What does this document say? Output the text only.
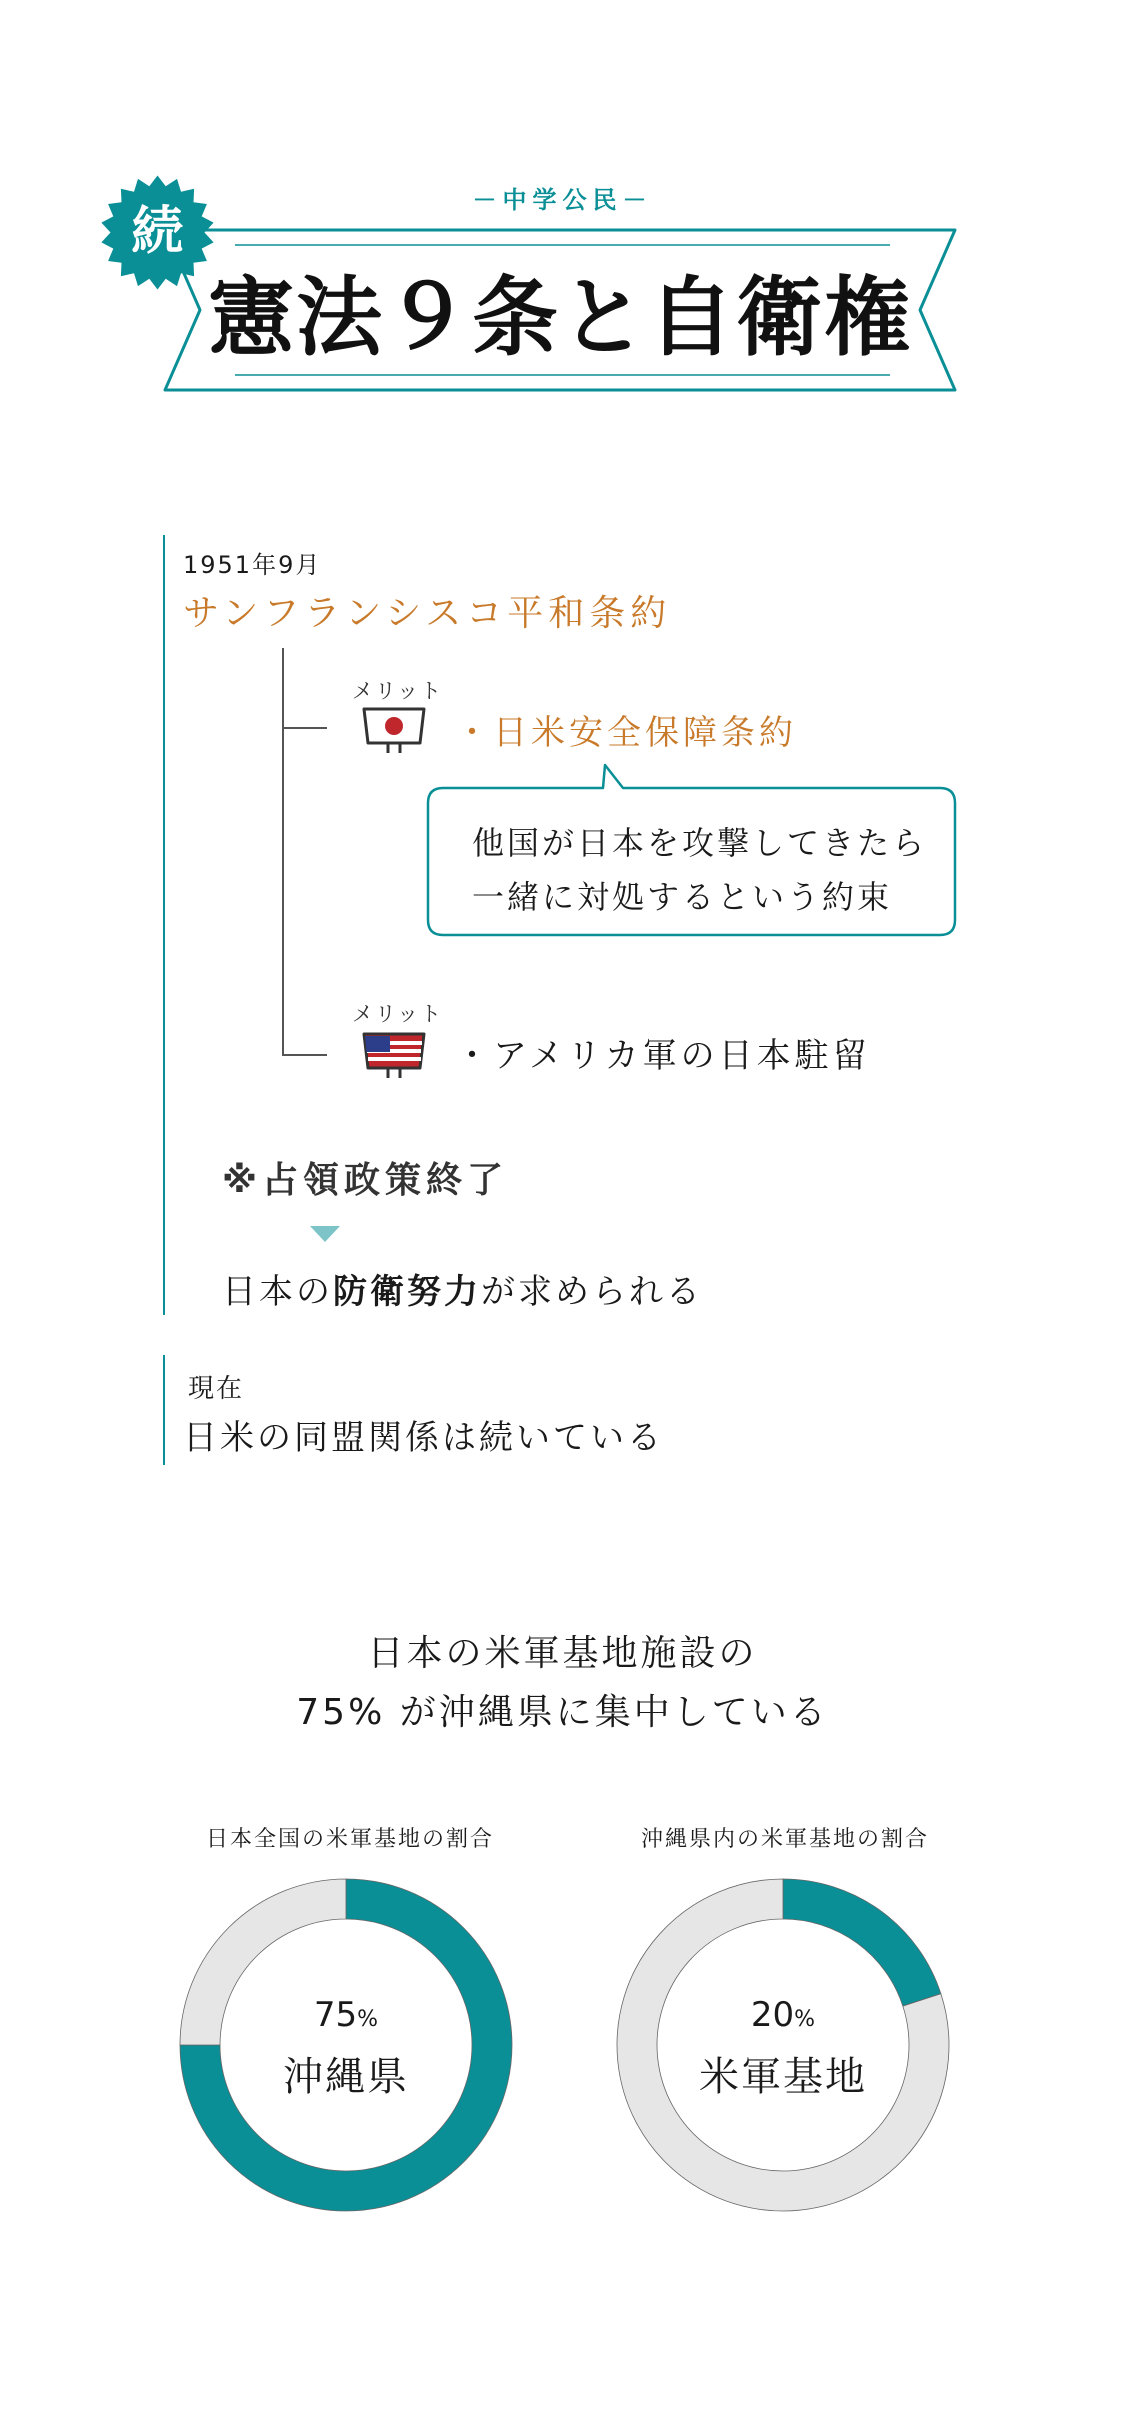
－中学公民－
続
憲法９条と自衛権
1951年9月
サンフランシスコ平和条約
メリット
・日米安全保障条約
他国が日本を攻撃してきたら
一緒に対処するという約束
メリット
・アメリカ軍の日本駐留
※占領政策終了
日本の防衛努力が求められる
現在
日米の同盟関係は続いている
日本の米軍基地施設の
75% が沖縄県に集中している
日本全国の米軍基地の割合	沖縄県内の米軍基地の割合
75%
沖縄県
20%
米軍基地
